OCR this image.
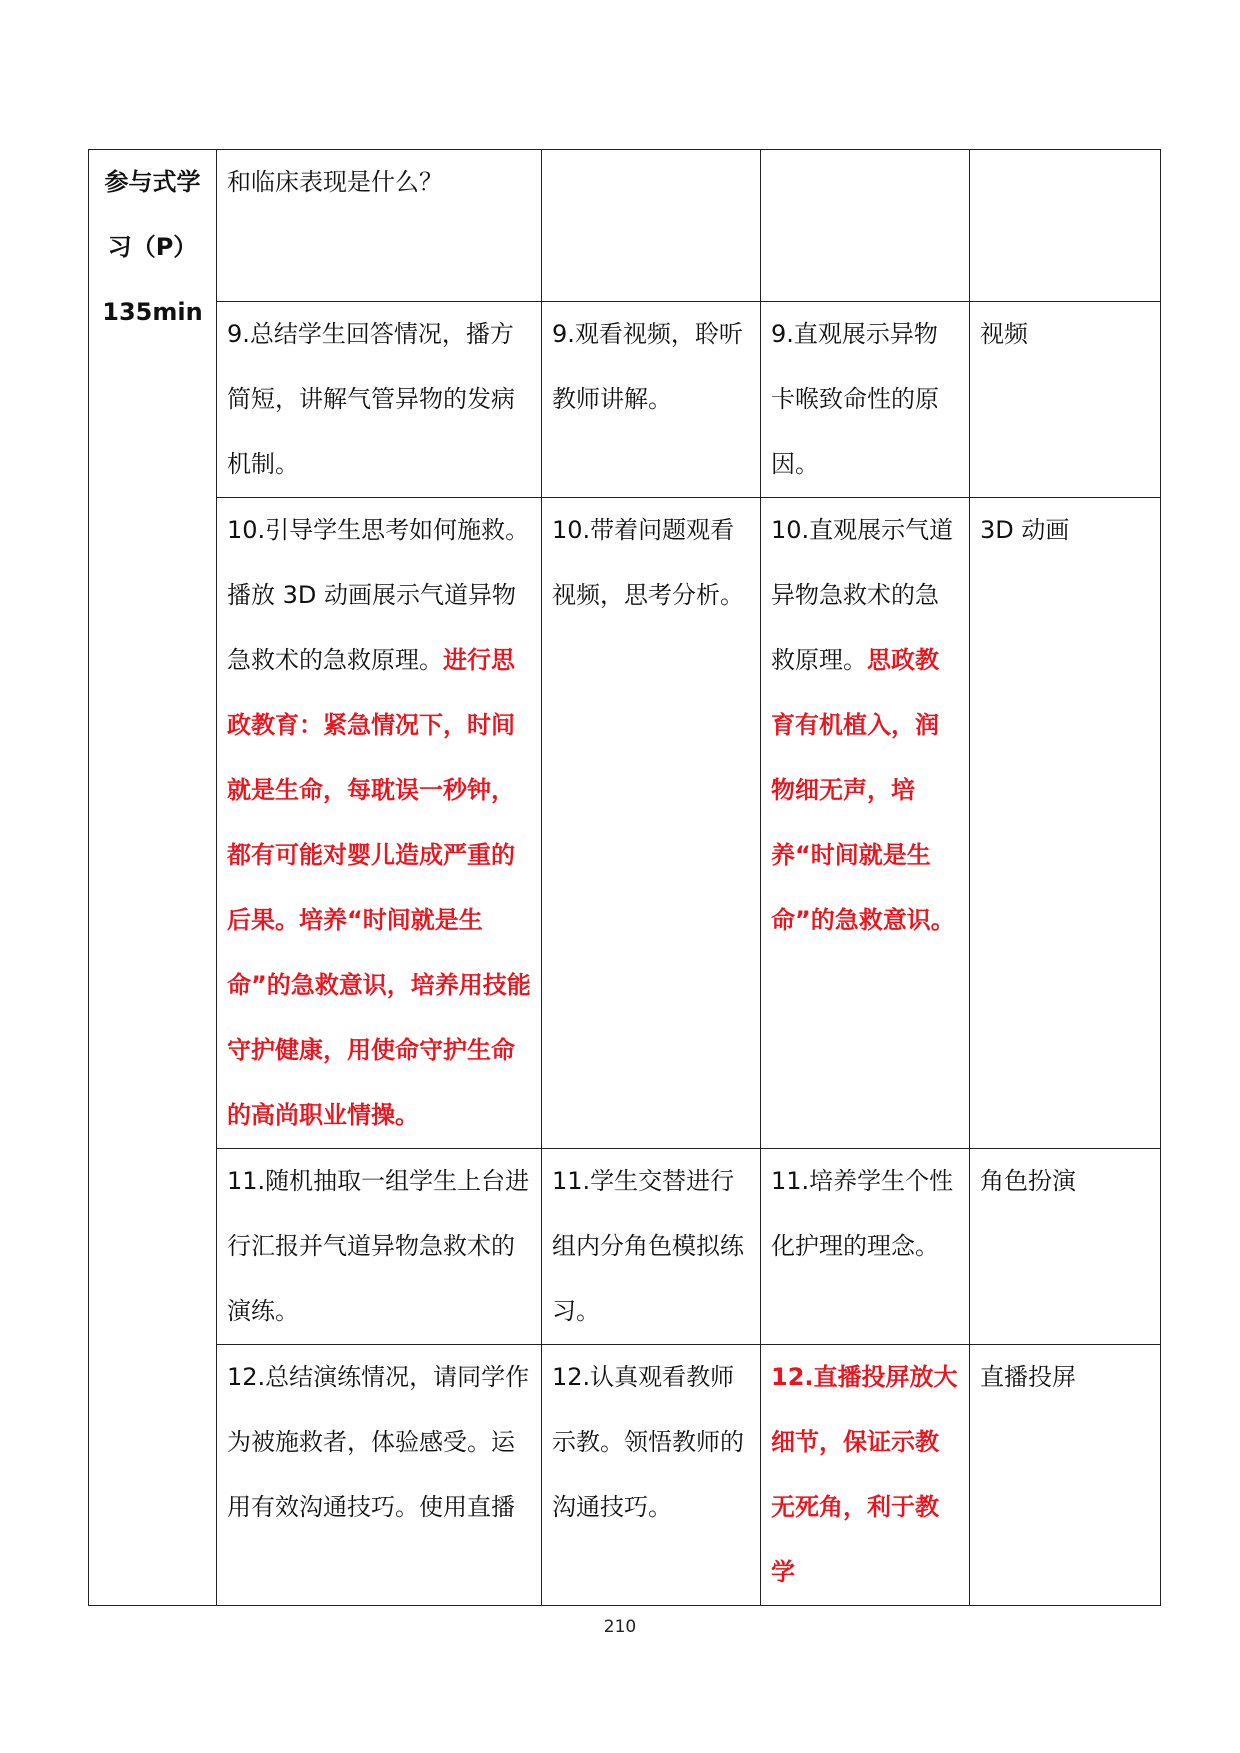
参与式学
习（P）
135min	和临床表现是什么？			
	9.总结学生回答情况，播方简短，讲解气管异物的发病机制。	9.观看视频，聆听教师讲解。	9.直观展示异物卡喉致命性的原因。	视频
	10.引导学生思考如何施救。播放 3D 动画展示气道异物急救术的急救原理。进行思政教育：紧急情况下，时间就是生命，每耽误一秒钟，都有可能对婴儿造成严重的后果。培养“时间就是生命”的急救意识，培养用技能守护健康，用使命守护生命的高尚职业情操。	10.带着问题观看视频，思考分析。	10.直观展示气道异物急救术的急救原理。思政教育有机植入，润物细无声，培养“时间就是生命”的急救意识。	3D 动画
	11.随机抽取一组学生上台进行汇报并气道异物急救术的演练。	11.学生交替进行组内分角色模拟练习。	11.培养学生个性化护理的理念。	角色扮演
	12.总结演练情况，请同学作为被施救者，体验感受。运用有效沟通技巧。使用直播	12.认真观看教师示教。领悟教师的沟通技巧。	12.直播投屏放大细节，保证示教无死角，利于教学	直播投屏
210
